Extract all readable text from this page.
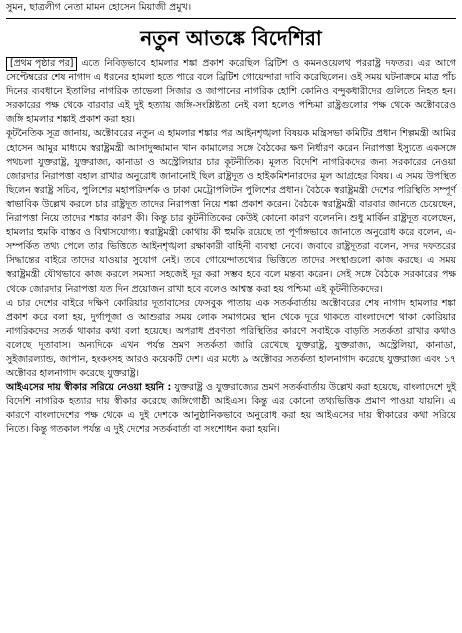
সুমন, ছাত্রলীগ নেতা মামন হোসেন মিয়াজী প্রমুখ।
নতুন আতঙ্কে বিদেশিরা

[প্রথম পৃষ্ঠার পর] এতে নিবিড়ভাবে হামলার শঙ্কা প্রকাশ করেছিল ব্রিটিশ ও কমনওয়েলথ পররাষ্ট্র দফতর। এর আগে সেপ্টেম্বরের শেষ নাগাদ এ ধরনের হামলা হতে পারে বলে ব্রিটিশ গোয়েন্দারা দাবি করেছিলেন। ওই সময় ঘটনাক্রমে মাত্র পাঁচ দিনের ব্যবধানে ইতালির নাগরিক তাভেলা সিজার ও জাপানের নাগরিক হোশি কোনিও বন্দুকধারীদের গুলিতে নিহত হন। সরকারের পক্ষ থেকে বারবার এই দুই হত্যায় জঙ্গি-সংশ্লিষ্টতা নেই বলা হলেও পশ্চিমা রাষ্ট্রগুলোর পক্ষ থেকে অক্টোবরেও জঙ্গি হামলার শঙ্কাই প্রকাশ করা হয়।

কূটনৈতিক সূত্র জানায়, অক্টোবরের নতুন এ হামলার শঙ্কার পর আইনশৃঙ্খলা বিষয়ক মন্ত্রিসভা কমিটির প্রধান শিল্পমন্ত্রী আমির হোসেন আমুর মাধ্যমে স্বরাষ্ট্রমন্ত্রী আসাদুজ্জামান খান কামালের সঙ্গে বৈঠকের ক্ষণ নির্ধারণ করেন নিরাপত্তা ইস্যুতে একসঙ্গে পথচলা যুক্তরাষ্ট্র, যুক্তরাজ্য, কানাডা ও অস্ট্রেলিয়ার চার কূটনীতিক। মূলত বিদেশি নাগরিকদের জন্য সরকারের নেওয়া জোরদার নিরাপত্তা বহাল রাখার অনুরোধ জানানোই ছিল রাষ্ট্রদূত ও হাইকমিশনারদের মূল আগ্রহের বিষয়। এ সময় উপস্থিত ছিলেন স্বরাষ্ট্র সচিব, পুলিশের মহাপরিদর্শক ও ঢাকা মেট্রোপলিটন পুলিশের প্রধান। বৈঠকে স্বরাষ্ট্রমন্ত্রী দেশের পরিস্থিতি সম্পূর্ণ স্বাভাবিক উল্লেখ করলে চার রাষ্ট্রদূত তাদের নিরাপত্তা নিয়ে শঙ্কা প্রকাশ করেন। বৈঠকে স্বরাষ্ট্রমন্ত্রী বারবার জানতে চেয়েছেন, নিরাপত্তা নিয়ে তাদের শঙ্কার কারণ কী। কিন্তু চার কূটনীতিকের কেউই কোনো কারণ বলেননি। শুধু মার্কিন রাষ্ট্রদূত বলেছেন, হামলার হুমকি বাস্তব ও বিশ্বাসযোগ্য। স্বরাষ্ট্রমন্ত্রী কোথায় কী হুমকি রয়েছে তা পূর্ণাঙ্গভাবে জানাতে অনুরোধ করে বলেন, এ-সম্পর্কিত তথ্য পেলে তার ভিত্তিতে আইনশৃঙ্খলা রক্ষাকারী বাহিনী ব্যবস্থা নেবে। জবাবে রাষ্ট্রদূতরা বলেন, সদর দফতরের সিদ্ধান্তের বাইরে তাদের যাওয়ার সুযোগ নেই। তবে গোয়েন্দাতথ্যের ভিত্তিতে তাদের সংস্থাগুলো কাজ করছে। এ সময় স্বরাষ্ট্রমন্ত্রী যৌথভাবে কাজ করলে সমস্যা সহজেই দূর করা সম্ভব হবে বলে মন্তব্য করেন। সেই সঙ্গে বৈঠকে সরকারের পক্ষ থেকে জোরদার নিরাপত্তা যত দিন প্রয়োজন রাখা হবে বলেও আশ্বস্ত করা হয় পশ্চিমা এই কূটনীতিকদের।

এ চার দেশের বাইরে দক্ষিণ কোরিয়ার দূতাবাসের ফেসবুক পাতায় এক সতর্কবার্তায় অক্টোবরের শেষ নাগাদ হামলার শঙ্কা প্রকাশ করে বলা হয়, দুর্গাপূজা ও আশুরার সময় লোক সমাগমের স্থান থেকে দূরে থাকতে বাংলাদেশে থাকা কোরিয়ার নাগরিকদের সতর্ক থাকার কথা বলা হয়েছে। অপরাধ প্রবণতা পরিস্থিতির কারণে সবাইকে বাড়তি সতর্কতা রাখার কথাও বলেছে দূতাবাস। অন্যদিকে এখন পর্যন্ত ভ্রমণ সতর্কতা জারি রেখেছে যুক্তরাষ্ট্র, যুক্তরাজ্য, অস্ট্রেলিয়া, কানাডা, সুইজারল্যান্ড, জাপান, হংকংসহ আরও কয়েকটি দেশ। এর মধ্যে ৯ অক্টোবর সতর্কতা হালনাগাদ করেছে যুক্তরাজ্য এবং ১৭ অক্টোবর হালনাগাদ করেছে যুক্তরাষ্ট্র।

আইএসের দায় স্বীকার সরিয়ে নেওয়া হয়নি : যুক্তরাষ্ট্র ও যুক্তরাজ্যের ভ্রমণ সতর্কবার্তায় উল্লেখ করা হয়েছে, বাংলাদেশে দুই বিদেশি নাগরিক হত্যার দায় স্বীকার করেছে জঙ্গিগোষ্ঠী আইএস। কিন্তু এর কোনো তথ্যভিত্তিক প্রমাণ পাওয়া যায়নি। এ কারণে বাংলাদেশের পক্ষ থেকে এ দুই দেশকে আনুষ্ঠানিকভাবে অনুরোধ করা হয় আইএসের দায় স্বীকারের কথা সরিয়ে নিতে। কিন্তু গতকাল পর্যন্ত এ দুই দেশের সতর্কবার্তা বা সংশোধন করা হয়নি।
